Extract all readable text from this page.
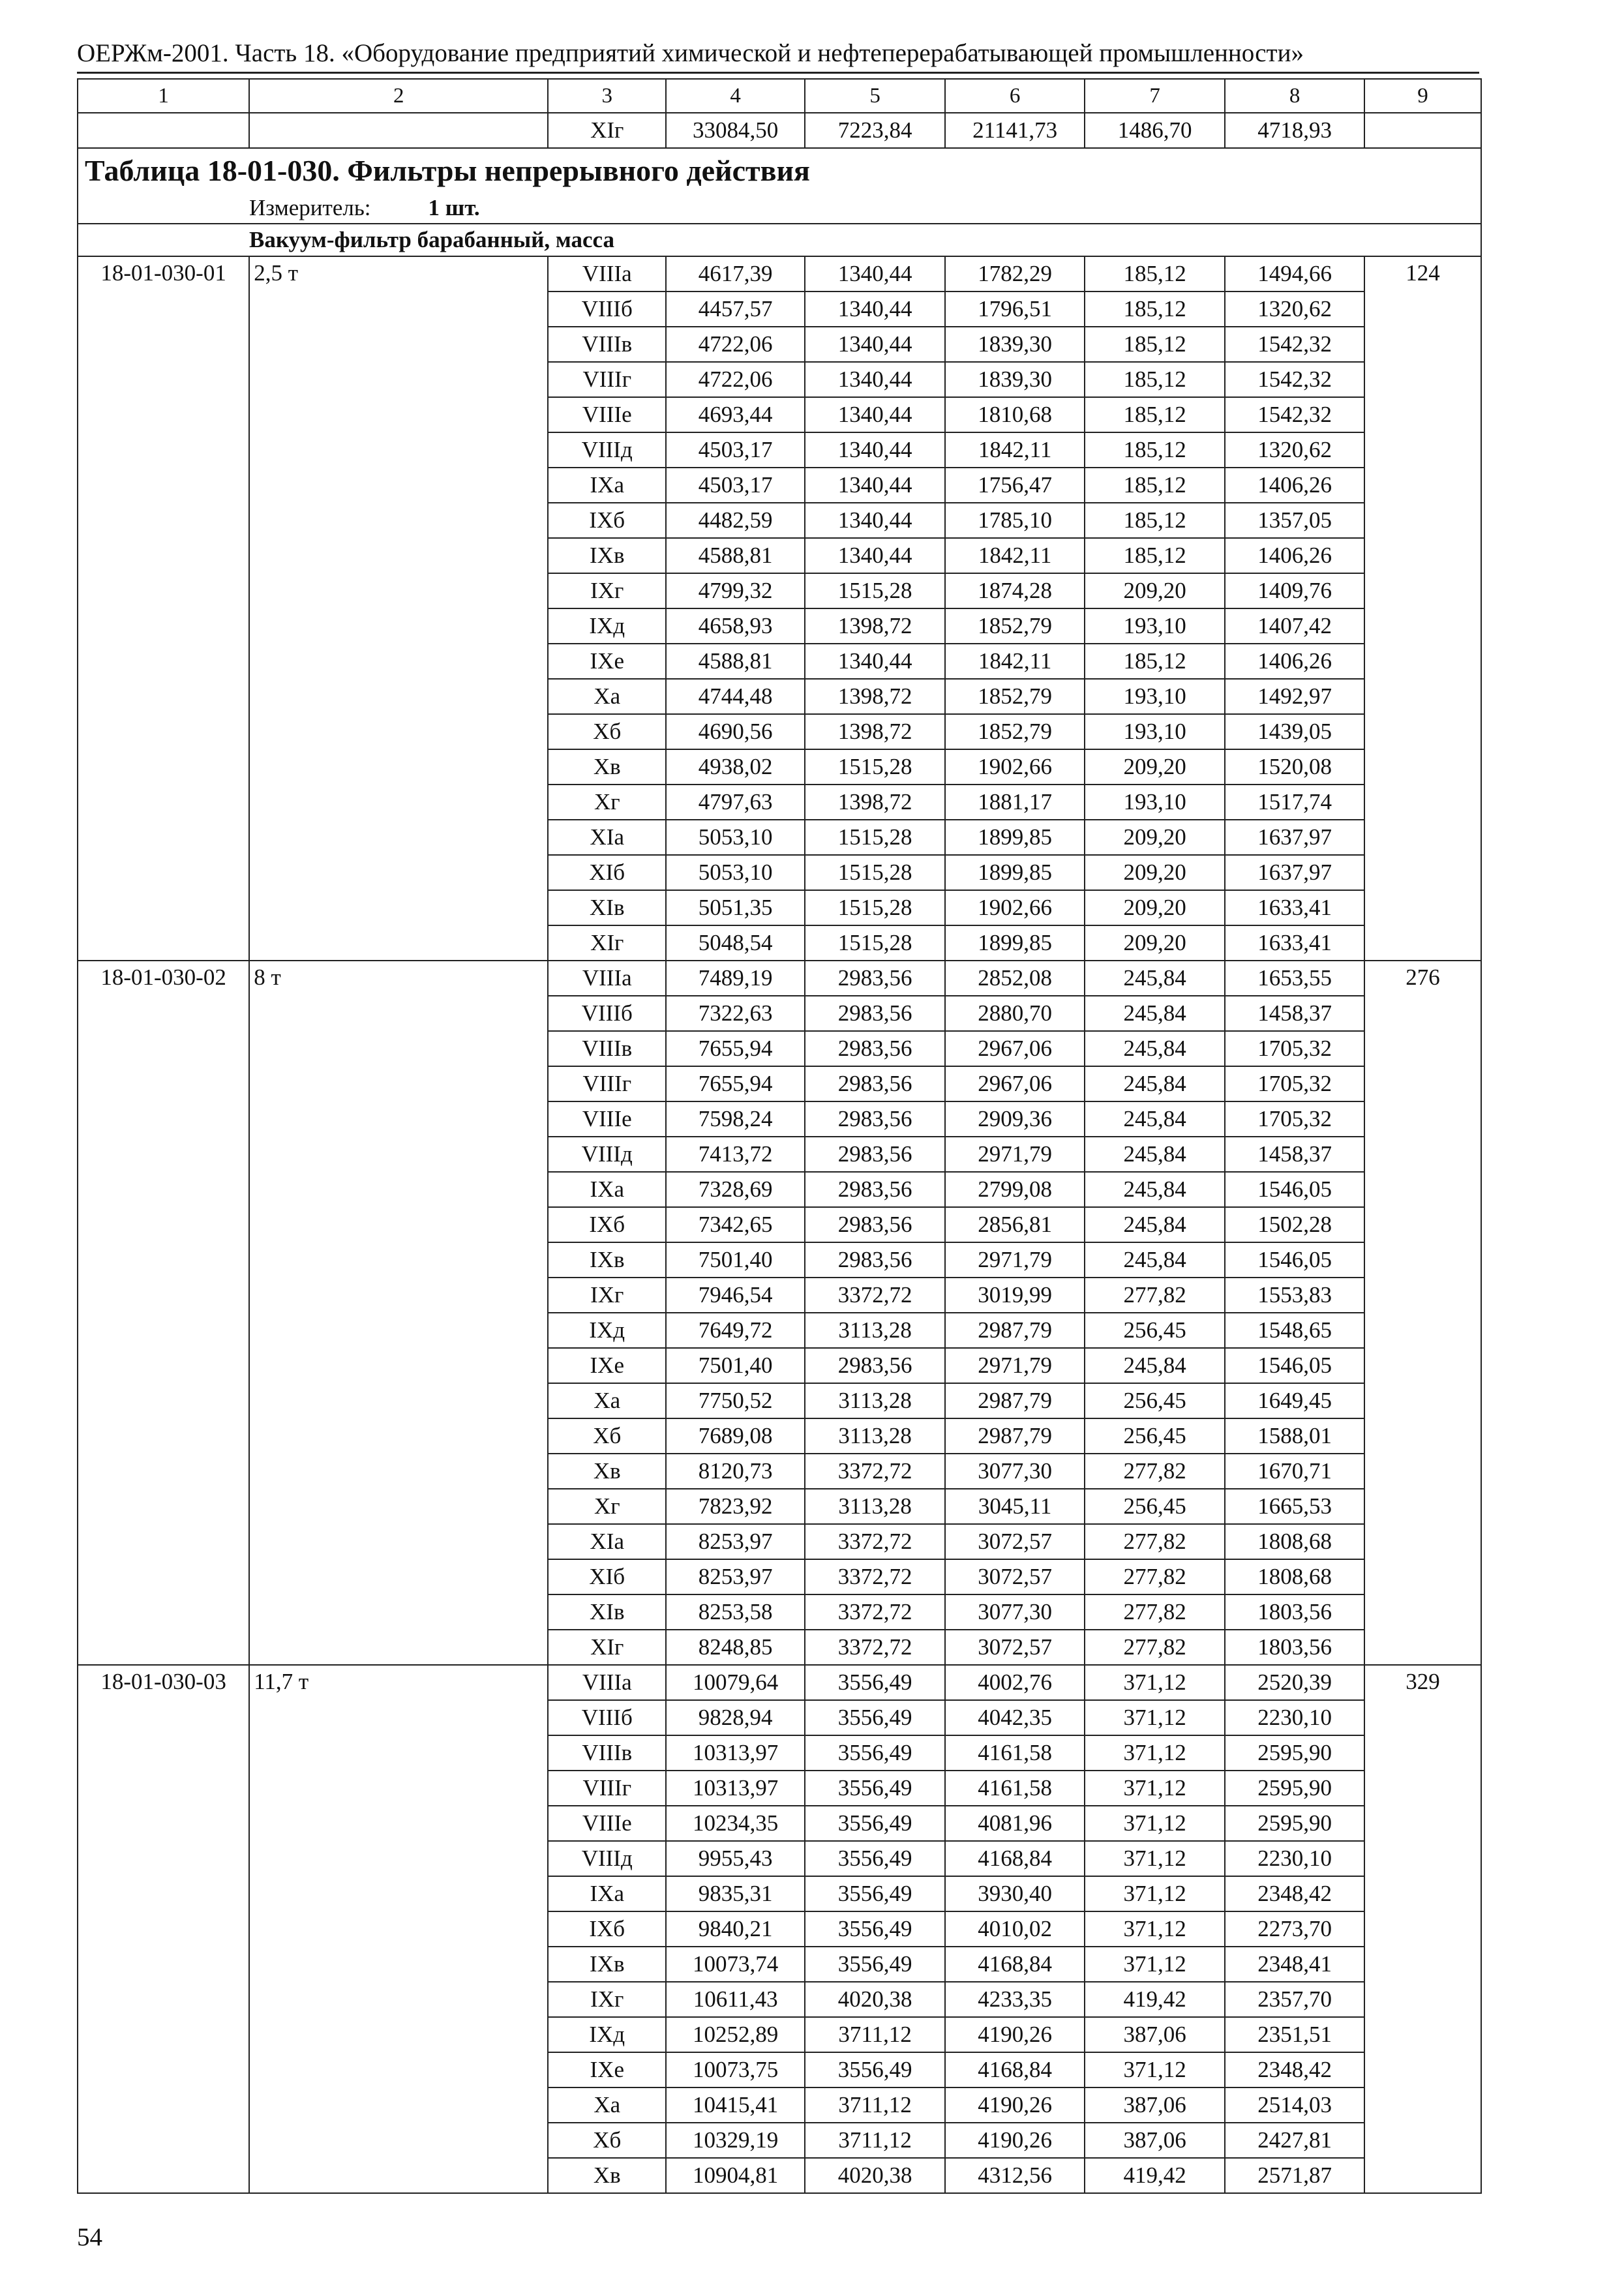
ОЕРЖм-2001. Часть 18. «Оборудование предприятий химической и нефтеперерабатывающей промышленности»
1	2	3	4	5	6	7	8	9
		XIг	33084,50	7223,84	21141,73	1486,70	4718,93	
Таблица 18-01-030. Фильтры непрерывного действия								
Измеритель: 1 шт.								
Вакуум-фильтр барабанный, масса								
18-01-030-01	2,5 т	VIIIа	4617,39	1340,44	1782,29	185,12	1494,66	124
		VIIIб	4457,57	1340,44	1796,51	185,12	1320,62	
		VIIIв	4722,06	1340,44	1839,30	185,12	1542,32	
		VIIIг	4722,06	1340,44	1839,30	185,12	1542,32	
		VIIIе	4693,44	1340,44	1810,68	185,12	1542,32	
		VIIIд	4503,17	1340,44	1842,11	185,12	1320,62	
		IXа	4503,17	1340,44	1756,47	185,12	1406,26	
		IXб	4482,59	1340,44	1785,10	185,12	1357,05	
		IXв	4588,81	1340,44	1842,11	185,12	1406,26	
		IXг	4799,32	1515,28	1874,28	209,20	1409,76	
		IXд	4658,93	1398,72	1852,79	193,10	1407,42	
		IXе	4588,81	1340,44	1842,11	185,12	1406,26	
		Xа	4744,48	1398,72	1852,79	193,10	1492,97	
		Xб	4690,56	1398,72	1852,79	193,10	1439,05	
		Xв	4938,02	1515,28	1902,66	209,20	1520,08	
		Xг	4797,63	1398,72	1881,17	193,10	1517,74	
		XIа	5053,10	1515,28	1899,85	209,20	1637,97	
		XIб	5053,10	1515,28	1899,85	209,20	1637,97	
		XIв	5051,35	1515,28	1902,66	209,20	1633,41	
		XIг	5048,54	1515,28	1899,85	209,20	1633,41	
18-01-030-02	8 т	VIIIа	7489,19	2983,56	2852,08	245,84	1653,55	276
		VIIIб	7322,63	2983,56	2880,70	245,84	1458,37	
		VIIIв	7655,94	2983,56	2967,06	245,84	1705,32	
		VIIIг	7655,94	2983,56	2967,06	245,84	1705,32	
		VIIIе	7598,24	2983,56	2909,36	245,84	1705,32	
		VIIIд	7413,72	2983,56	2971,79	245,84	1458,37	
		IXа	7328,69	2983,56	2799,08	245,84	1546,05	
		IXб	7342,65	2983,56	2856,81	245,84	1502,28	
		IXв	7501,40	2983,56	2971,79	245,84	1546,05	
		IXг	7946,54	3372,72	3019,99	277,82	1553,83	
		IXд	7649,72	3113,28	2987,79	256,45	1548,65	
		IXе	7501,40	2983,56	2971,79	245,84	1546,05	
		Xа	7750,52	3113,28	2987,79	256,45	1649,45	
		Xб	7689,08	3113,28	2987,79	256,45	1588,01	
		Xв	8120,73	3372,72	3077,30	277,82	1670,71	
		Xг	7823,92	3113,28	3045,11	256,45	1665,53	
		XIа	8253,97	3372,72	3072,57	277,82	1808,68	
		XIб	8253,97	3372,72	3072,57	277,82	1808,68	
		XIв	8253,58	3372,72	3077,30	277,82	1803,56	
		XIг	8248,85	3372,72	3072,57	277,82	1803,56	
18-01-030-03	11,7 т	VIIIа	10079,64	3556,49	4002,76	371,12	2520,39	329
		VIIIб	9828,94	3556,49	4042,35	371,12	2230,10	
		VIIIв	10313,97	3556,49	4161,58	371,12	2595,90	
		VIIIг	10313,97	3556,49	4161,58	371,12	2595,90	
		VIIIе	10234,35	3556,49	4081,96	371,12	2595,90	
		VIIIд	9955,43	3556,49	4168,84	371,12	2230,10	
		IXа	9835,31	3556,49	3930,40	371,12	2348,42	
		IXб	9840,21	3556,49	4010,02	371,12	2273,70	
		IXв	10073,74	3556,49	4168,84	371,12	2348,41	
		IXг	10611,43	4020,38	4233,35	419,42	2357,70	
		IXд	10252,89	3711,12	4190,26	387,06	2351,51	
		IXе	10073,75	3556,49	4168,84	371,12	2348,42	
		Xа	10415,41	3711,12	4190,26	387,06	2514,03	
		Xб	10329,19	3711,12	4190,26	387,06	2427,81	
		Xв	10904,81	4020,38	4312,56	419,42	2571,87	
54
